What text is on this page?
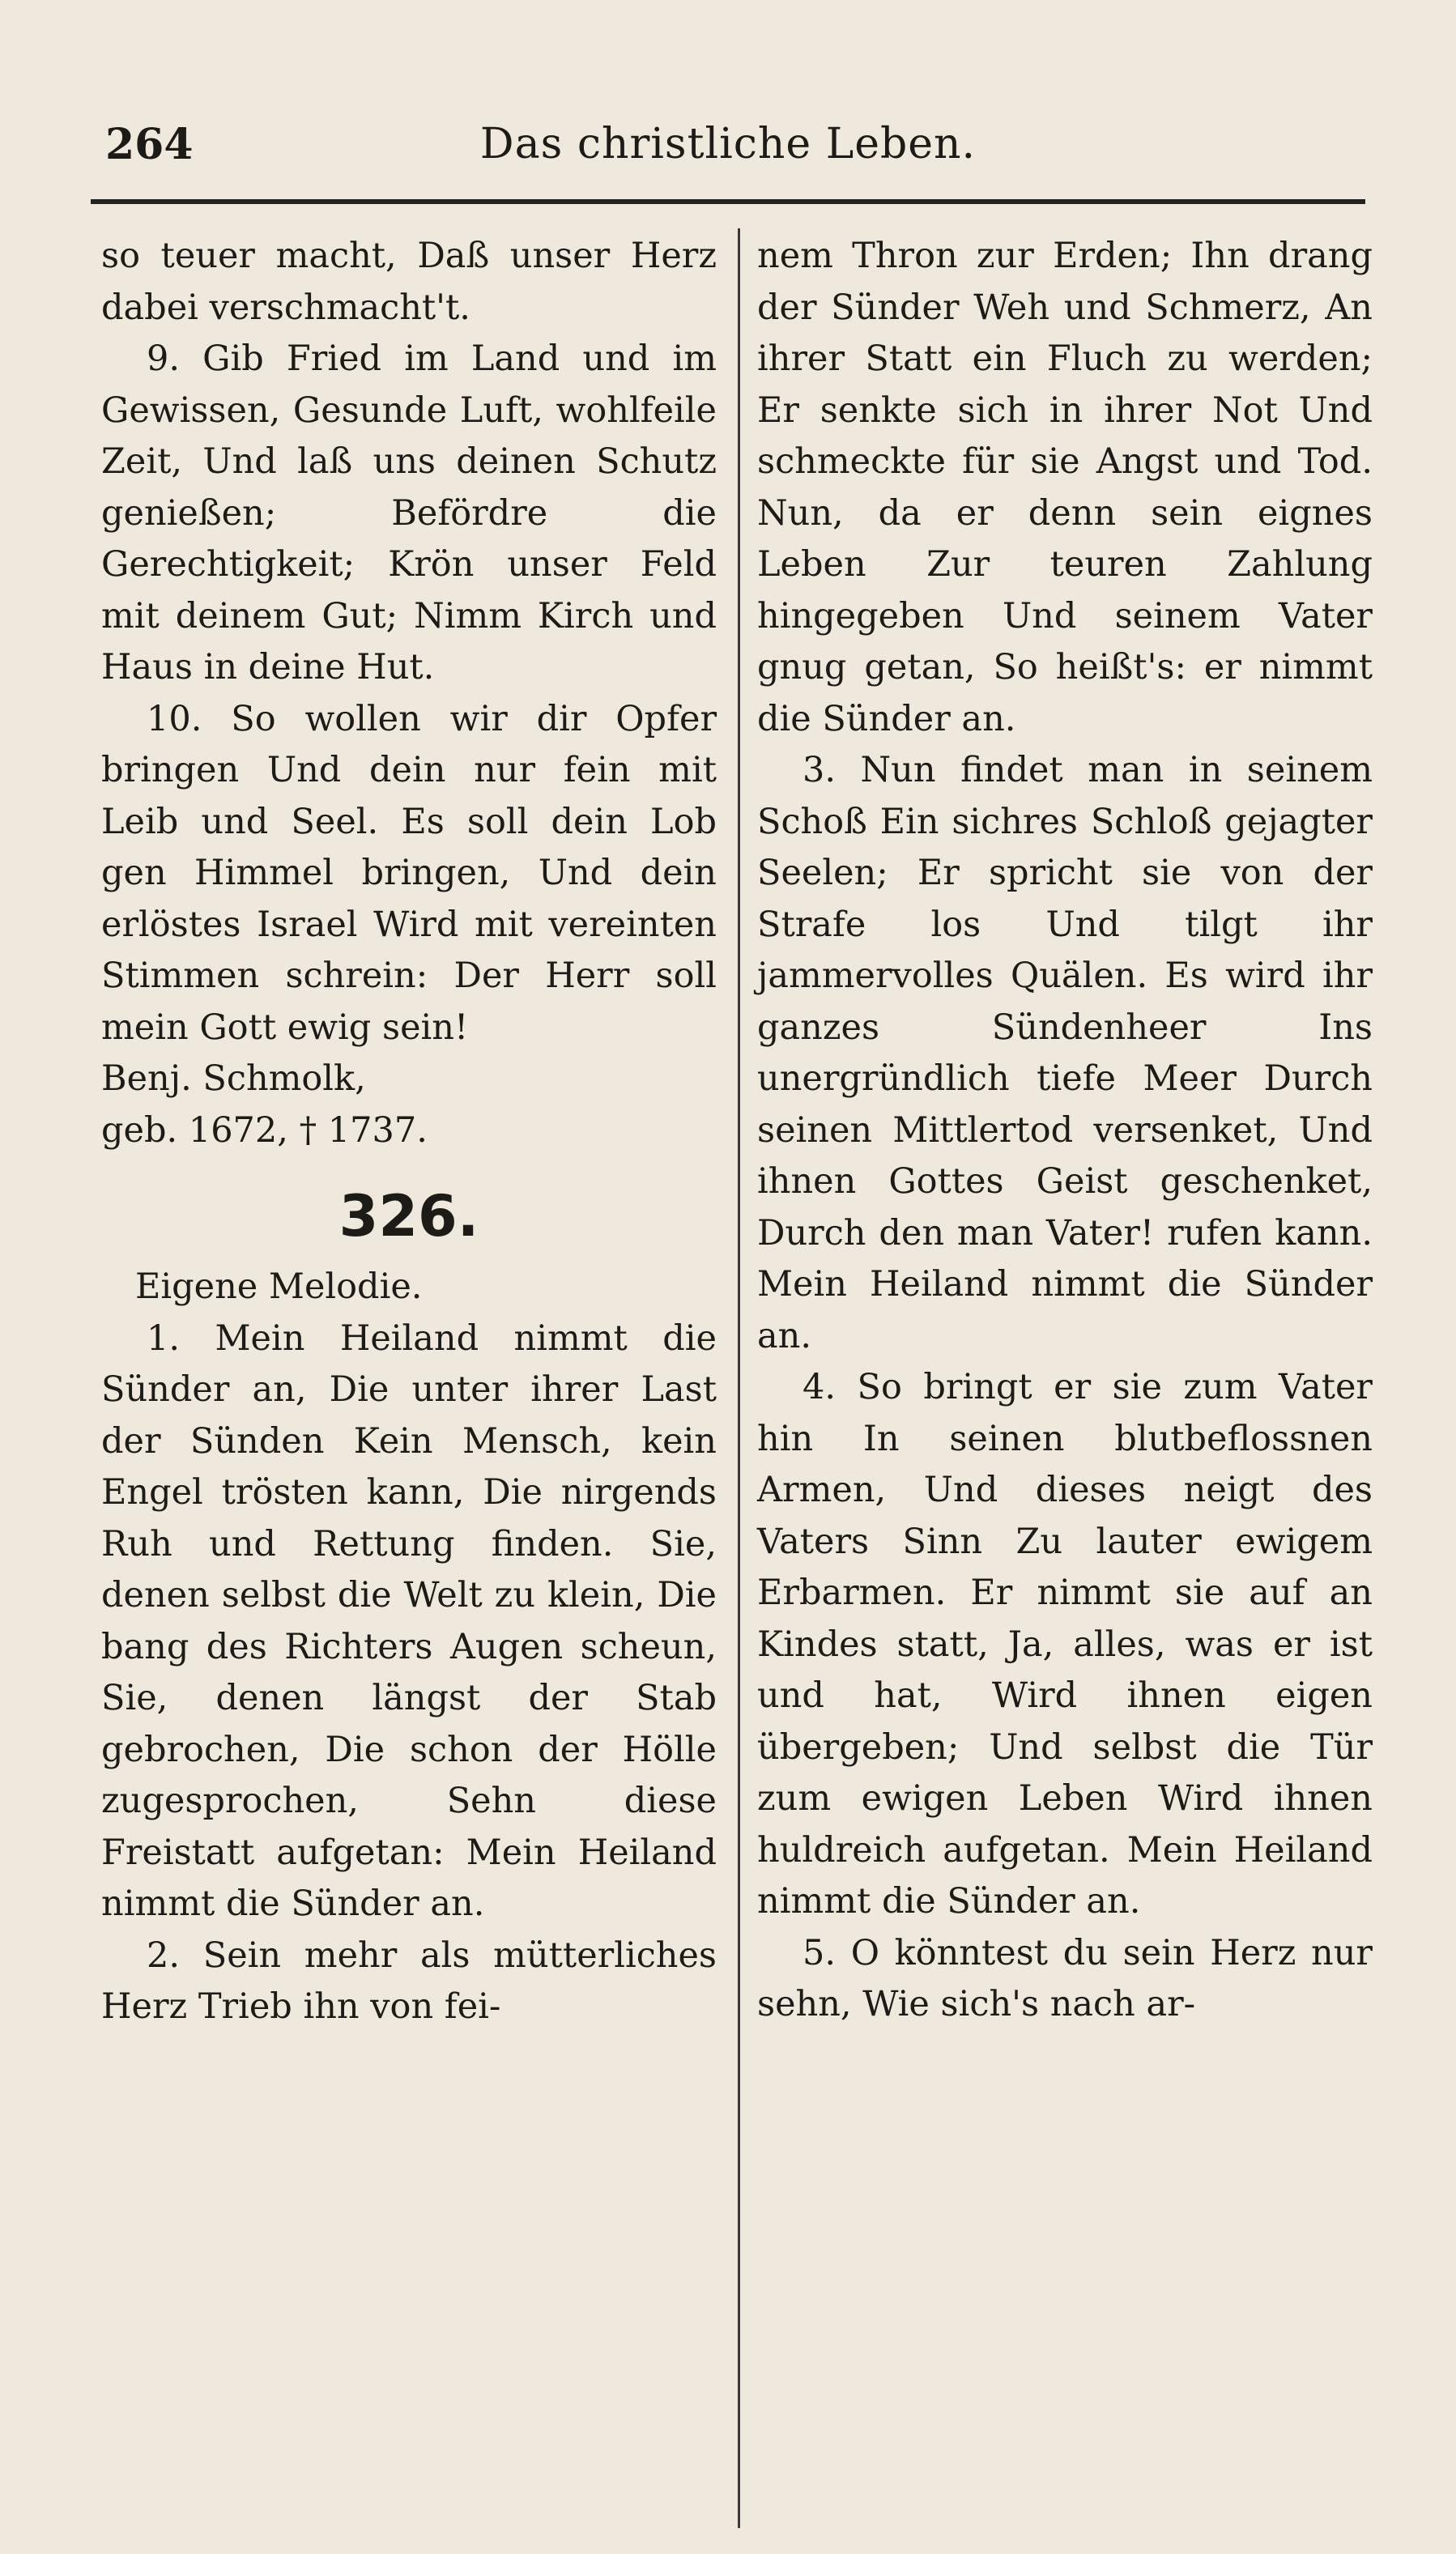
264	Das christliche Leben.

so teuer macht, Daß unser Herz dabei verschmacht't.

9. Gib Fried im Land und im Gewissen, Gesunde Luft, wohlfeile Zeit, Und laß uns deinen Schutz genießen; Befördre die Gerechtigkeit; Krön unser Feld mit deinem Gut; Nimm Kirch und Haus in deine Hut.

10. So wollen wir dir Opfer bringen Und dein nur fein mit Leib und Seel. Es soll dein Lob gen Himmel bringen, Und dein erlöstes Israel Wird mit vereinten Stimmen schrein: Der Herr soll mein Gott ewig sein!

Benj. Schmolk,

geb. 1672, † 1737.

326.

Eigene Melodie.

1. Mein Heiland nimmt die Sünder an, Die unter ihrer Last der Sünden Kein Mensch, kein Engel trösten kann, Die nirgends Ruh und Rettung finden. Sie, denen selbst die Welt zu klein, Die bang des Richters Augen scheun, Sie, denen längst der Stab gebrochen, Die schon der Hölle zugesprochen, Sehn diese Freistatt aufgetan: Mein Heiland nimmt die Sünder an.

2. Sein mehr als mütterliches Herz Trieb ihn von fei-

nem Thron zur Erden; Ihn drang der Sünder Weh und Schmerz, An ihrer Statt ein Fluch zu werden; Er senkte sich in ihrer Not Und schmeckte für sie Angst und Tod. Nun, da er denn sein eignes Leben Zur teuren Zahlung hingegeben Und seinem Vater gnug getan, So heißt's: er nimmt die Sünder an.

3. Nun findet man in seinem Schoß Ein sichres Schloß gejagter Seelen; Er spricht sie von der Strafe los Und tilgt ihr jammervolles Quälen. Es wird ihr ganzes Sündenheer Ins unergründlich tiefe Meer Durch seinen Mittlertod versenket, Und ihnen Gottes Geist geschenket, Durch den man Vater! rufen kann. Mein Heiland nimmt die Sünder an.

4. So bringt er sie zum Vater hin In seinen blutbeflossnen Armen, Und dieses neigt des Vaters Sinn Zu lauter ewigem Erbarmen. Er nimmt sie auf an Kindes statt, Ja, alles, was er ist und hat, Wird ihnen eigen übergeben; Und selbst die Tür zum ewigen Leben Wird ihnen huldreich aufgetan. Mein Heiland nimmt die Sünder an.

5. O könntest du sein Herz nur sehn, Wie sich's nach ar-
